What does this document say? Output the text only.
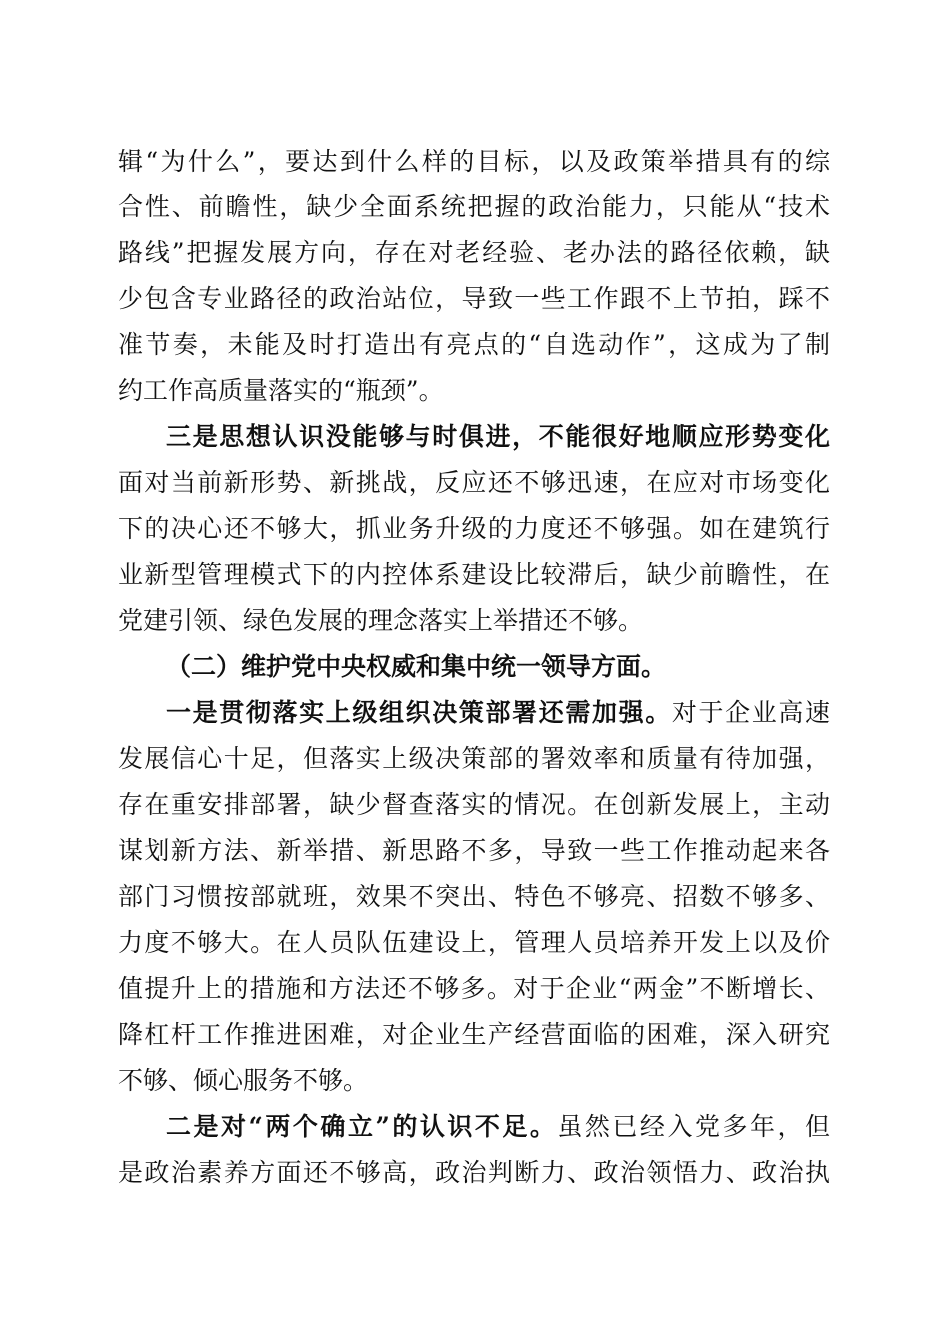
辑“为什么”，要达到什么样的目标，以及政策举措具有的综
合性、前瞻性，缺少全面系统把握的政治能力，只能从“技术
路线”把握发展方向，存在对老经验、老办法的路径依赖，缺
少包含专业路径的政治站位，导致一些工作跟不上节拍，踩不
准节奏，未能及时打造出有亮点的“自选动作”，这成为了制
约工作高质量落实的“瓶颈”。
三是思想认识没能够与时俱进，不能很好地顺应形势变化
面对当前新形势、新挑战，反应还不够迅速，在应对市场变化
下的决心还不够大，抓业务升级的力度还不够强。如在建筑行
业新型管理模式下的内控体系建设比较滞后，缺少前瞻性，在
党建引领、绿色发展的理念落实上举措还不够。
（二）维护党中央权威和集中统一领导方面。
一是贯彻落实上级组织决策部署还需加强。对于企业高速
发展信心十足，但落实上级决策部的署效率和质量有待加强，
存在重安排部署，缺少督查落实的情况。在创新发展上，主动
谋划新方法、新举措、新思路不多，导致一些工作推动起来各
部门习惯按部就班，效果不突出、特色不够亮、招数不够多、
力度不够大。在人员队伍建设上，管理人员培养开发上以及价
值提升上的措施和方法还不够多。对于企业“两金”不断增长、
降杠杆工作推进困难，对企业生产经营面临的困难，深入研究
不够、倾心服务不够。
二是对“两个确立”的认识不足。虽然已经入党多年，但
是政治素养方面还不够高，政治判断力、政治领悟力、政治执
